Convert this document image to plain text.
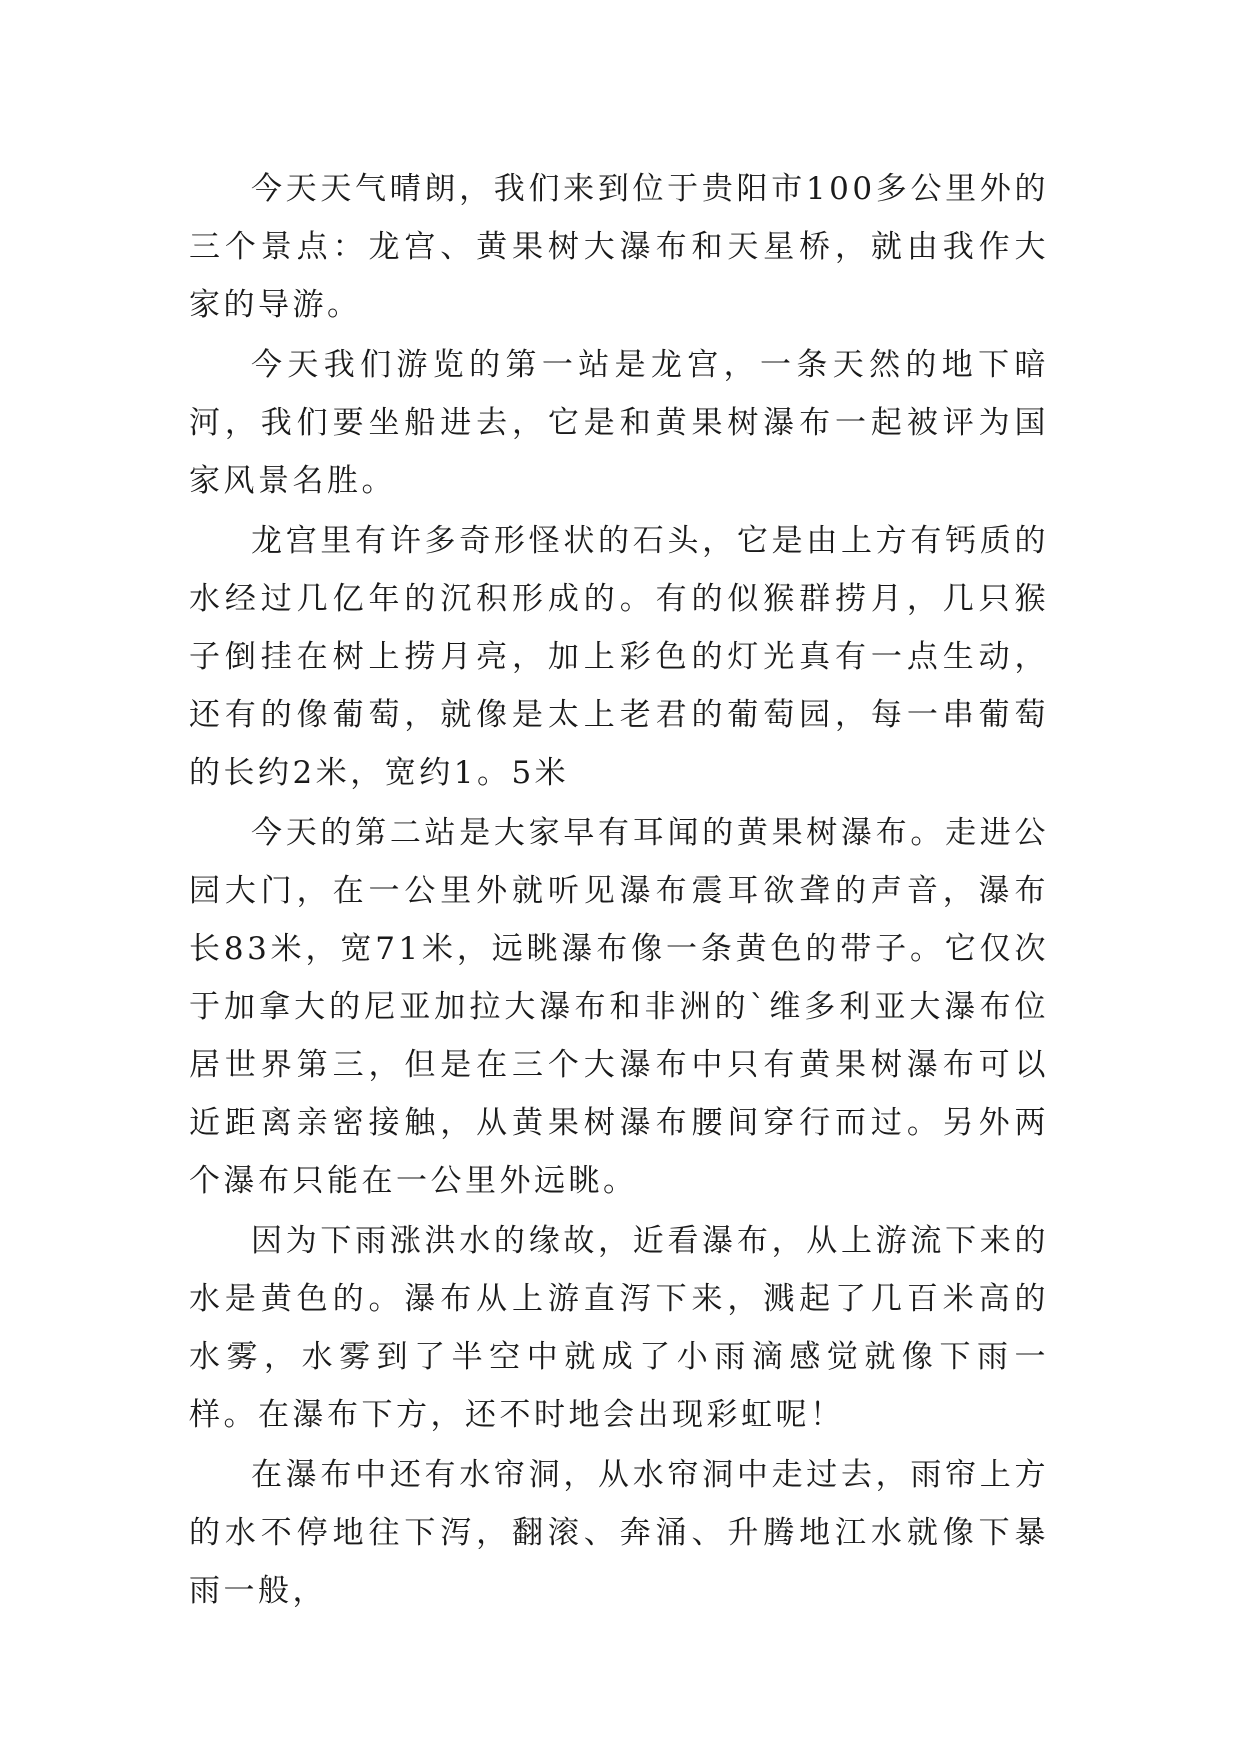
今天天气晴朗，我们来到位于贵阳市100多公里外的三个景点：龙宫、黄果树大瀑布和天星桥，就由我作大家的导游。

今天我们游览的第一站是龙宫，一条天然的地下暗河，我们要坐船进去，它是和黄果树瀑布一起被评为国家风景名胜。

龙宫里有许多奇形怪状的石头，它是由上方有钙质的水经过几亿年的沉积形成的。有的似猴群捞月，几只猴子倒挂在树上捞月亮，加上彩色的灯光真有一点生动，还有的像葡萄，就像是太上老君的葡萄园，每一串葡萄的长约2米，宽约1。5米

今天的第二站是大家早有耳闻的黄果树瀑布。走进公园大门，在一公里外就听见瀑布震耳欲聋的声音，瀑布长83米，宽71米，远眺瀑布像一条黄色的带子。它仅次于加拿大的尼亚加拉大瀑布和非洲的`维多利亚大瀑布位居世界第三，但是在三个大瀑布中只有黄果树瀑布可以近距离亲密接触，从黄果树瀑布腰间穿行而过。另外两个瀑布只能在一公里外远眺。

因为下雨涨洪水的缘故，近看瀑布，从上游流下来的水是黄色的。瀑布从上游直泻下来，溅起了几百米高的水雾，水雾到了半空中就成了小雨滴感觉就像下雨一样。在瀑布下方，还不时地会出现彩虹呢！

在瀑布中还有水帘洞，从水帘洞中走过去，雨帘上方的水不停地往下泻，翻滚、奔涌、升腾地江水就像下暴雨一般，
